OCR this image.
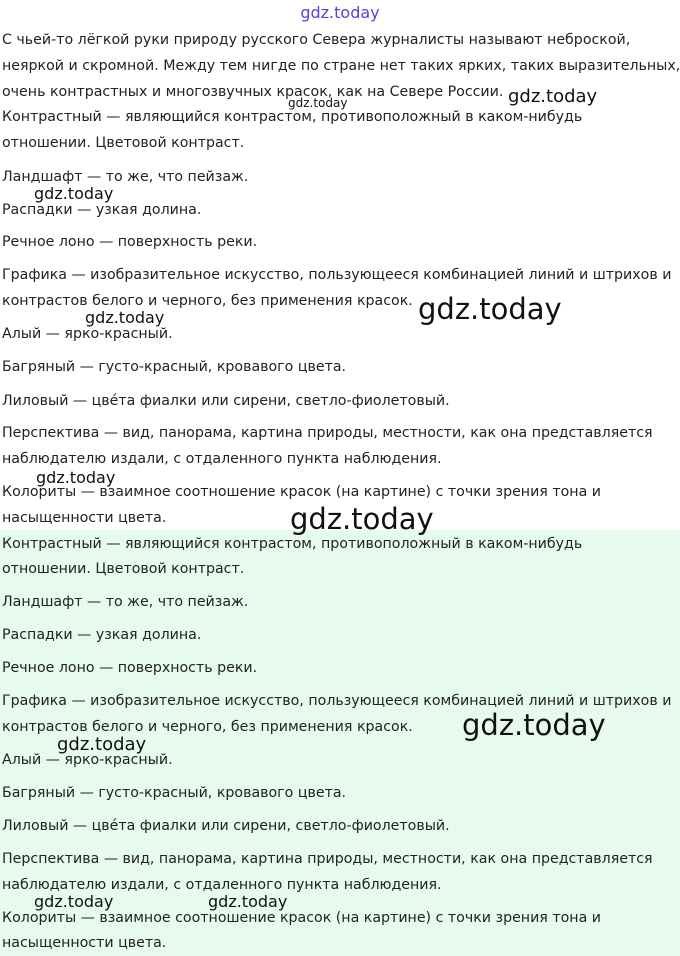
gdz.today

С чьей-то лёгкой руки природу русского Севера журналисты называют неброской,

неяркой и скромной. Между тем нигде по стране нет таких ярких, таких выразительных,

очень контрастных и многозвучных красок, как на Севере России.

Контрастный — являющийся контрастом, противоположный в каком-нибудь

отношении. Цветовой контраст.

Ландшафт — то же, что пейзаж.

Распадки — узкая долина.

Речное лоно — поверхность реки.

Графика — изобразительное искусство, пользующееся комбинацией линий и штрихов и

контрастов белого и черного, без применения красок.

Алый — ярко-красный.

Багряный — густо-красный, кровавого цвета.

Лиловый — цвéта фиалки или сирени, светло-фиолетовый.

Перспектива — вид, панорама, картина природы, местности, как она представляется

наблюдателю издали, с отдаленного пункта наблюдения.

Колориты — взаимное соотношение красок (на картине) с точки зрения тона и

насыщенности цвета.

Контрастный — являющийся контрастом, противоположный в каком-нибудь

отношении. Цветовой контраст.

Ландшафт — то же, что пейзаж.

Распадки — узкая долина.

Речное лоно — поверхность реки.

Графика — изобразительное искусство, пользующееся комбинацией линий и штрихов и

контрастов белого и черного, без применения красок.

Алый — ярко-красный.

Багряный — густо-красный, кровавого цвета.

Лиловый — цвéта фиалки или сирени, светло-фиолетовый.

Перспектива — вид, панорама, картина природы, местности, как она представляется

наблюдателю издали, с отдаленного пункта наблюдения.

Колориты — взаимное соотношение красок (на картине) с точки зрения тона и

насыщенности цвета.

gdz.today
gdz.today
gdz.today
gdz.today
gdz.today
gdz.today
gdz.today
gdz.today
gdz.today
gdz.today	gdz.today
